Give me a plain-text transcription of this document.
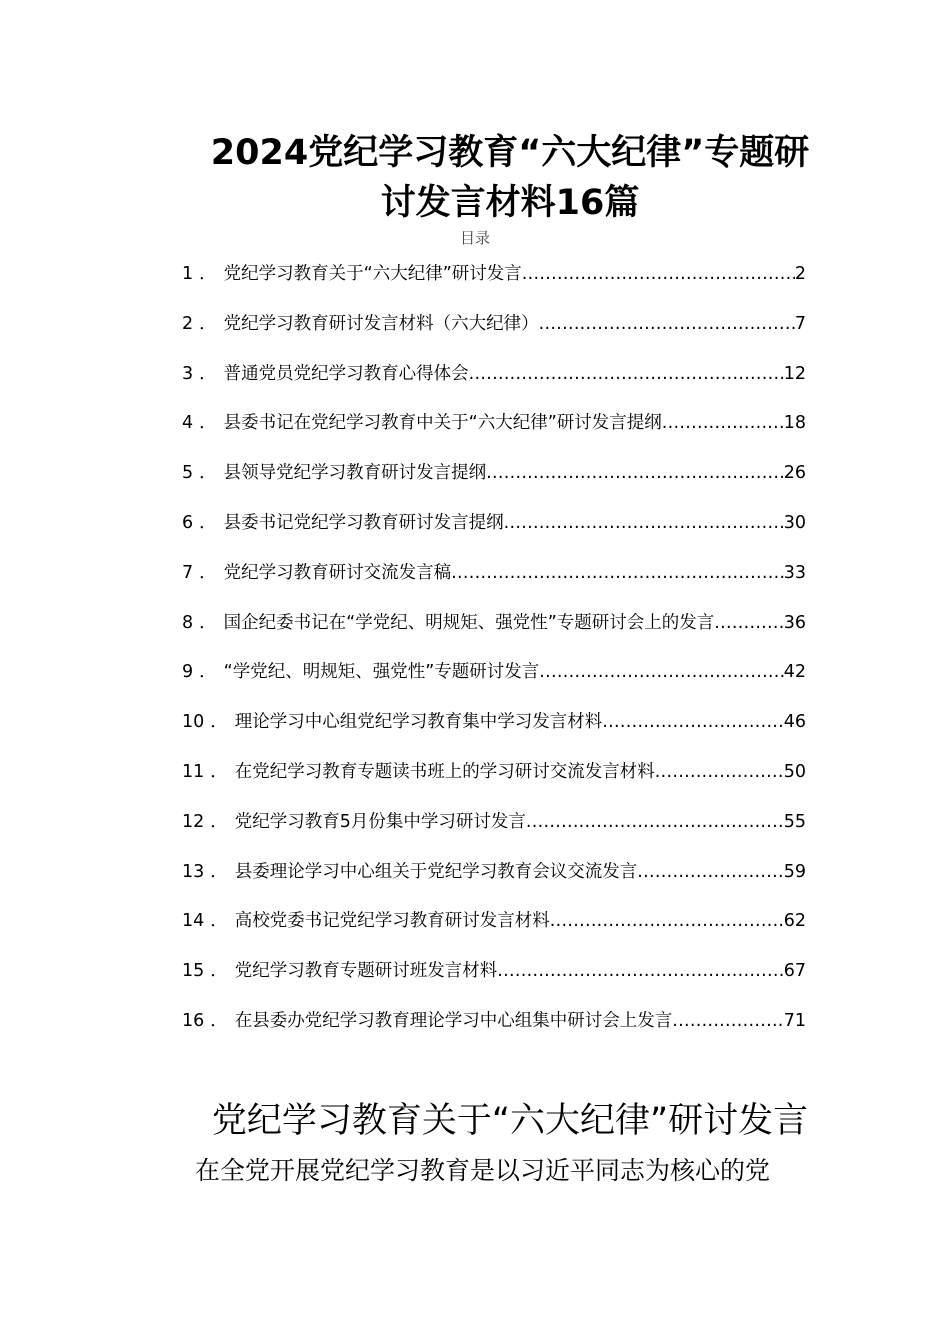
2024党纪学习教育“六大纪律”专题研讨发言材料16篇
目录
1 ． 党纪学习教育关于“六大纪律”研讨发言 .....	2
2 ． 党纪学习教育研讨发言材料（六大纪律） .....	7
3 ． 普通党员党纪学习教育心得体会 .....	12
4 ． 县委书记在党纪学习教育中关于“六大纪律”研讨发言提纲 .....	18
5 ． 县领导党纪学习教育研讨发言提纲 .....	26
6 ． 县委书记党纪学习教育研讨发言提纲 .....	30
7 ． 党纪学习教育研讨交流发言稿 .....	33
8 ． 国企纪委书记在“学党纪、明规矩、强党性”专题研讨会上的发言 .....	36
9 ． “学党纪、明规矩、强党性”专题研讨发言 .....	42
10 ． 理论学习中心组党纪学习教育集中学习发言材料 .....	46
11 ． 在党纪学习教育专题读书班上的学习研讨交流发言材料 .....	50
12 ． 党纪学习教育5月份集中学习研讨发言 .....	55
13 ． 县委理论学习中心组关于党纪学习教育会议交流发言 .....	59
14 ． 高校党委书记党纪学习教育研讨发言材料 .....	62
15 ． 党纪学习教育专题研讨班发言材料 .....	67
16 ． 在县委办党纪学习教育理论学习中心组集中研讨会上发言 .....	71
党纪学习教育关于“六大纪律”研讨发言

在全党开展党纪学习教育是以习近平同志为核心的党
